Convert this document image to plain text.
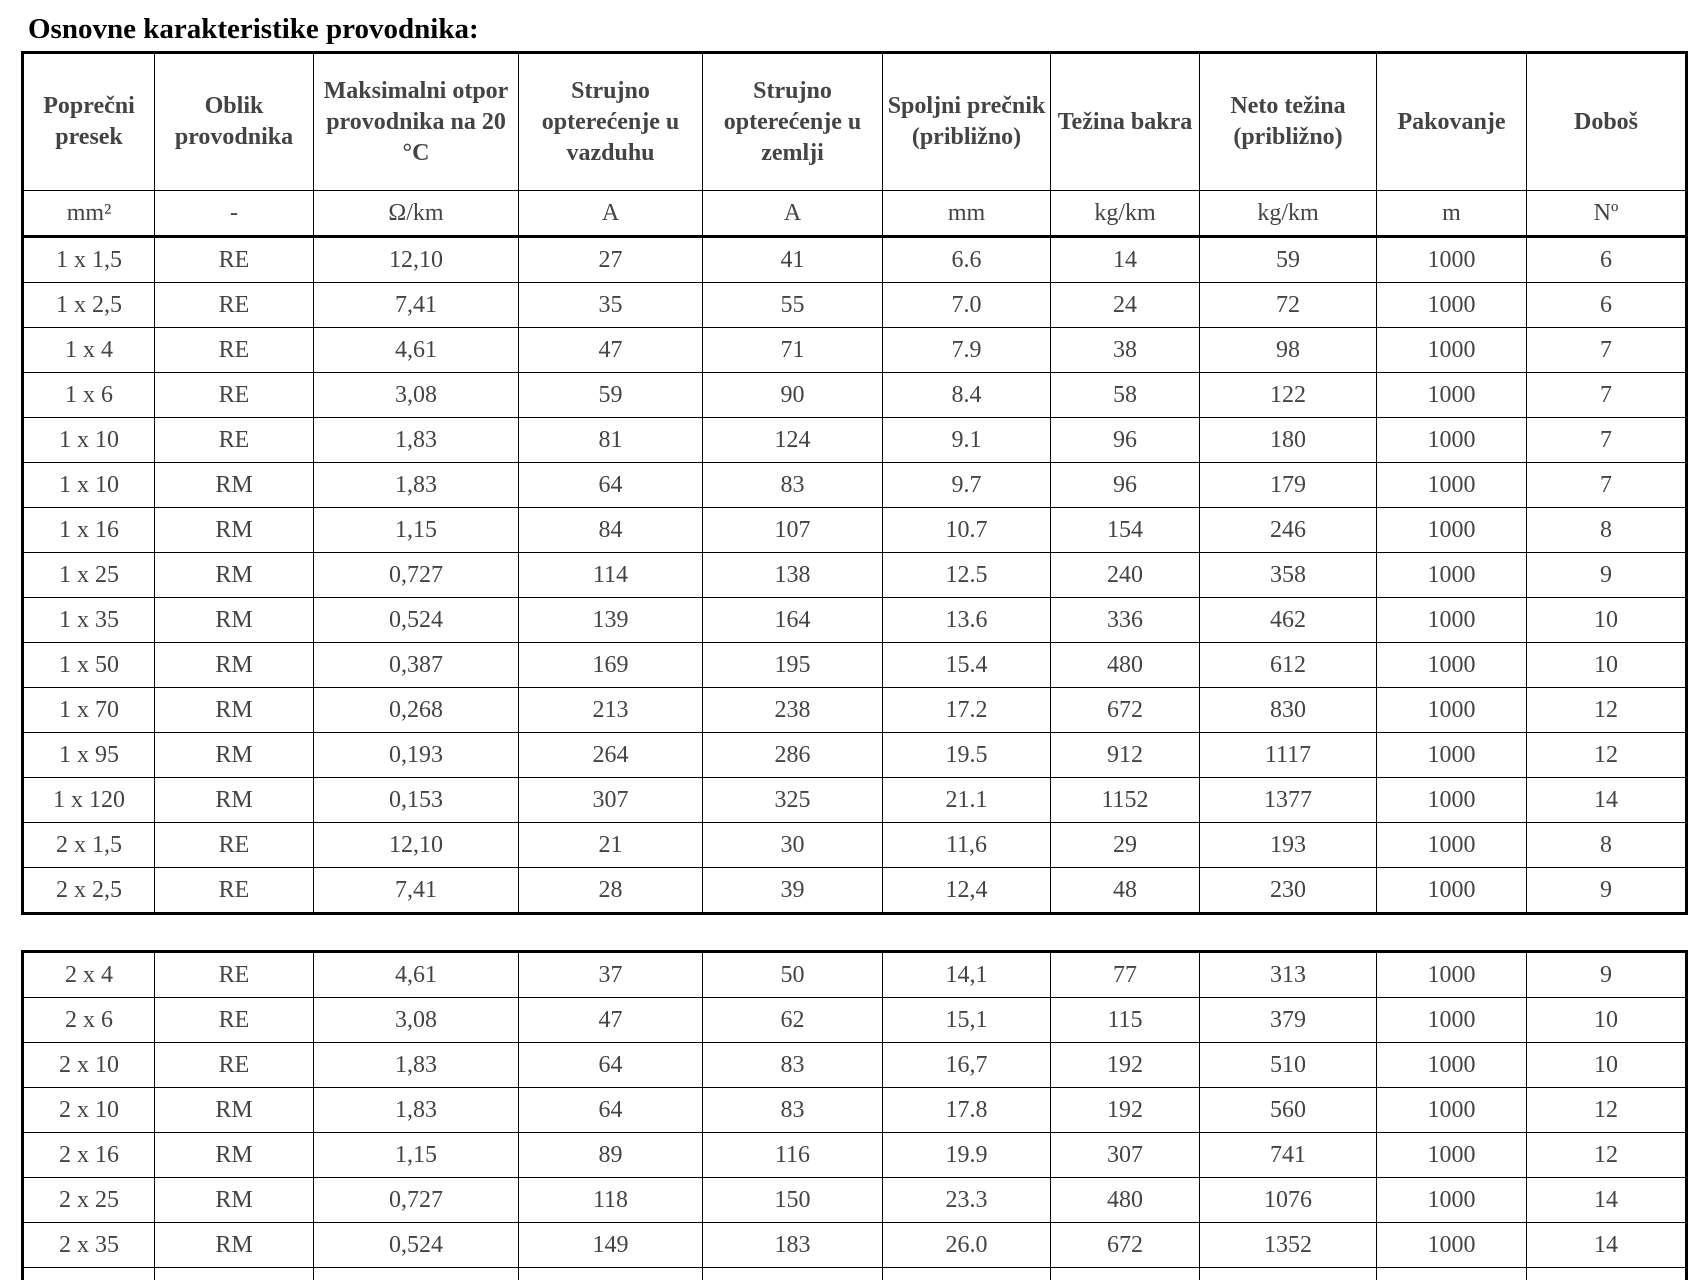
Osnovne karakteristike provodnika:
Poprečni presek	Oblik provodnika	Maksimalni otpor provodnika na 20 °C	Strujno opterećenje u vazduhu	Strujno opterećenje u zemlji	Spoljni prečnik (približno)	Težina bakra	Neto težina (približno)	Pakovanje	Doboš
mm²	-	Ω/km	A	A	mm	kg/km	kg/km	m	Nº
1 x 1,5	RE	12,10	27	41	6.6	14	59	1000	6
1 x 2,5	RE	7,41	35	55	7.0	24	72	1000	6
1 x 4	RE	4,61	47	71	7.9	38	98	1000	7
1 x 6	RE	3,08	59	90	8.4	58	122	1000	7
1 x 10	RE	1,83	81	124	9.1	96	180	1000	7
1 x 10	RM	1,83	64	83	9.7	96	179	1000	7
1 x 16	RM	1,15	84	107	10.7	154	246	1000	8
1 x 25	RM	0,727	114	138	12.5	240	358	1000	9
1 x 35	RM	0,524	139	164	13.6	336	462	1000	10
1 x 50	RM	0,387	169	195	15.4	480	612	1000	10
1 x 70	RM	0,268	213	238	17.2	672	830	1000	12
1 x 95	RM	0,193	264	286	19.5	912	1117	1000	12
1 x 120	RM	0,153	307	325	21.1	1152	1377	1000	14
2 x 1,5	RE	12,10	21	30	11,6	29	193	1000	8
2 x 2,5	RE	7,41	28	39	12,4	48	230	1000	9
2 x 4	RE	4,61	37	50	14,1	77	313	1000	9
2 x 6	RE	3,08	47	62	15,1	115	379	1000	10
2 x 10	RE	1,83	64	83	16,7	192	510	1000	10
2 x 10	RM	1,83	64	83	17.8	192	560	1000	12
2 x 16	RM	1,15	89	116	19.9	307	741	1000	12
2 x 25	RM	0,727	118	150	23.3	480	1076	1000	14
2 x 35	RM	0,524	149	183	26.0	672	1352	1000	14
